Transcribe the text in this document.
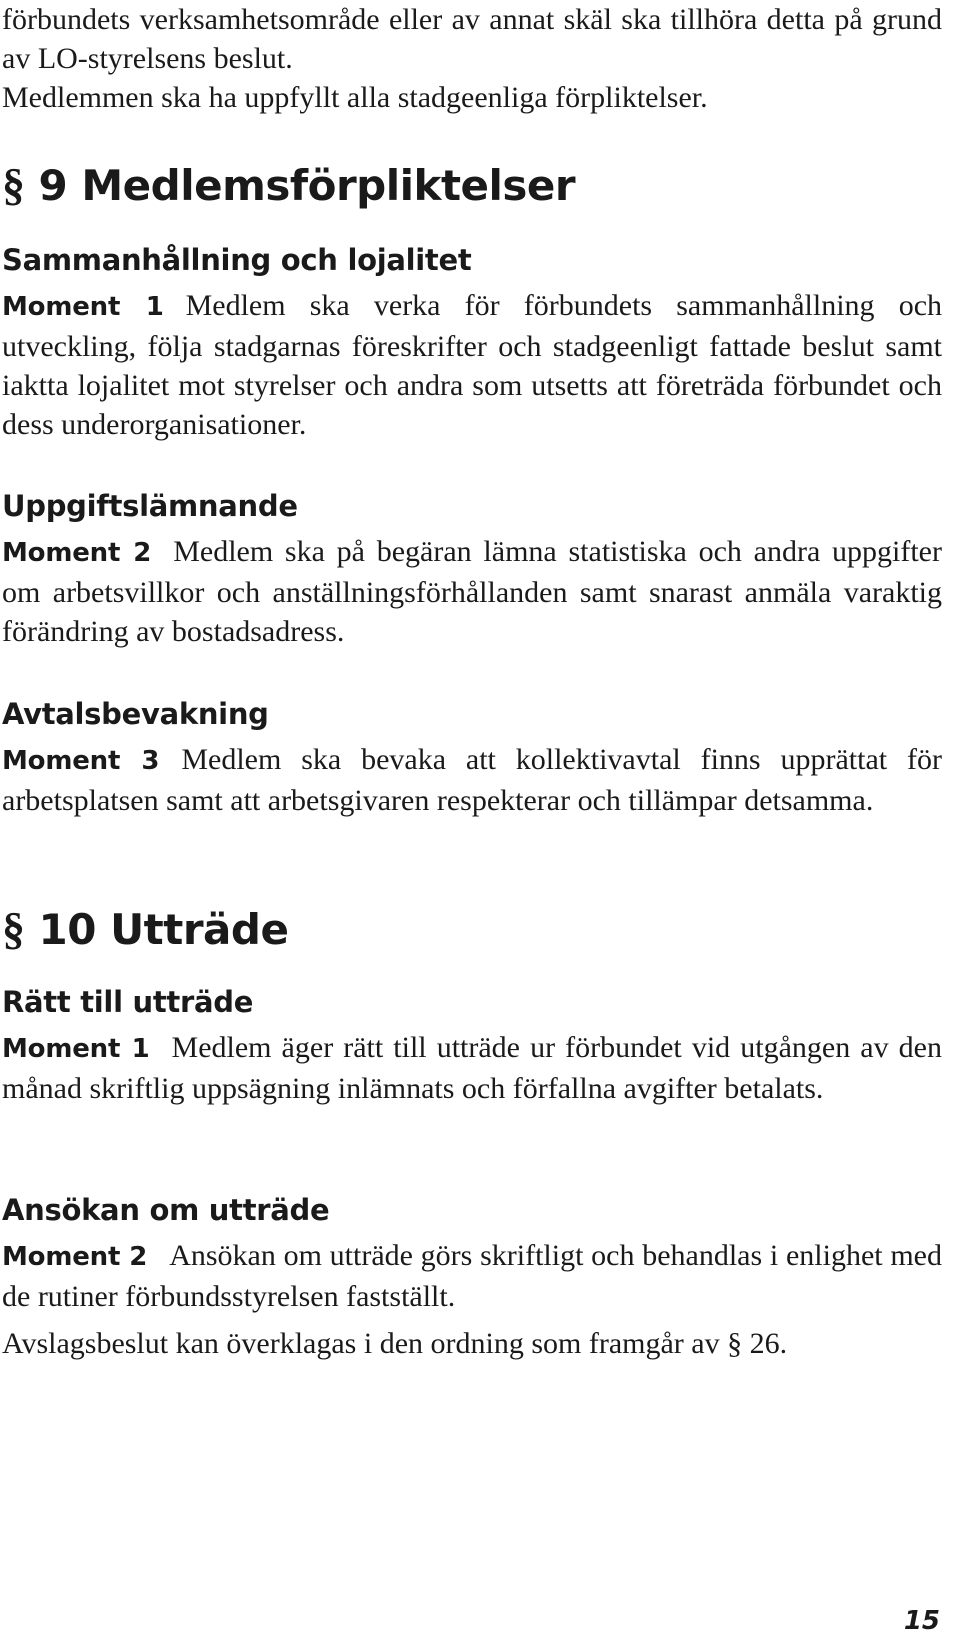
förbundets verksamhetsområde eller av annat skäl ska tillhöra detta på grund av LO-styrelsens beslut.

Medlemmen ska ha uppfyllt alla stadgeenliga förpliktelser.

§ 9 Medlemsförpliktelser
Sammanhållning och lojalitet

Moment 1 Medlem ska verka för förbundets sammanhållning och utveckling, följa stadgarnas föreskrifter och stadgeenligt fattade beslut samt iaktta lojalitet mot styrelser och andra som utsetts att företräda förbundet och dess underorganisationer.

Uppgiftslämnande

Moment 2 Medlem ska på begäran lämna statistiska och andra uppgifter om arbetsvillkor och anställningsförhållanden samt snarast anmäla varaktig förändring av bostadsadress.

Avtalsbevakning

Moment 3 Medlem ska bevaka att kollektivavtal finns upprättat för arbetsplatsen samt att arbetsgivaren respekterar och tillämpar detsamma.

§ 10 Utträde
Rätt till utträde

Moment 1 Medlem äger rätt till utträde ur förbundet vid utgången av den månad skriftlig uppsägning inlämnats och förfallna avgifter betalats.

Ansökan om utträde

Moment 2 Ansökan om utträde görs skriftligt och behandlas i enlighet med de rutiner förbundsstyrelsen fastställt.

Avslagsbeslut kan överklagas i den ordning som framgår av § 26.

15
